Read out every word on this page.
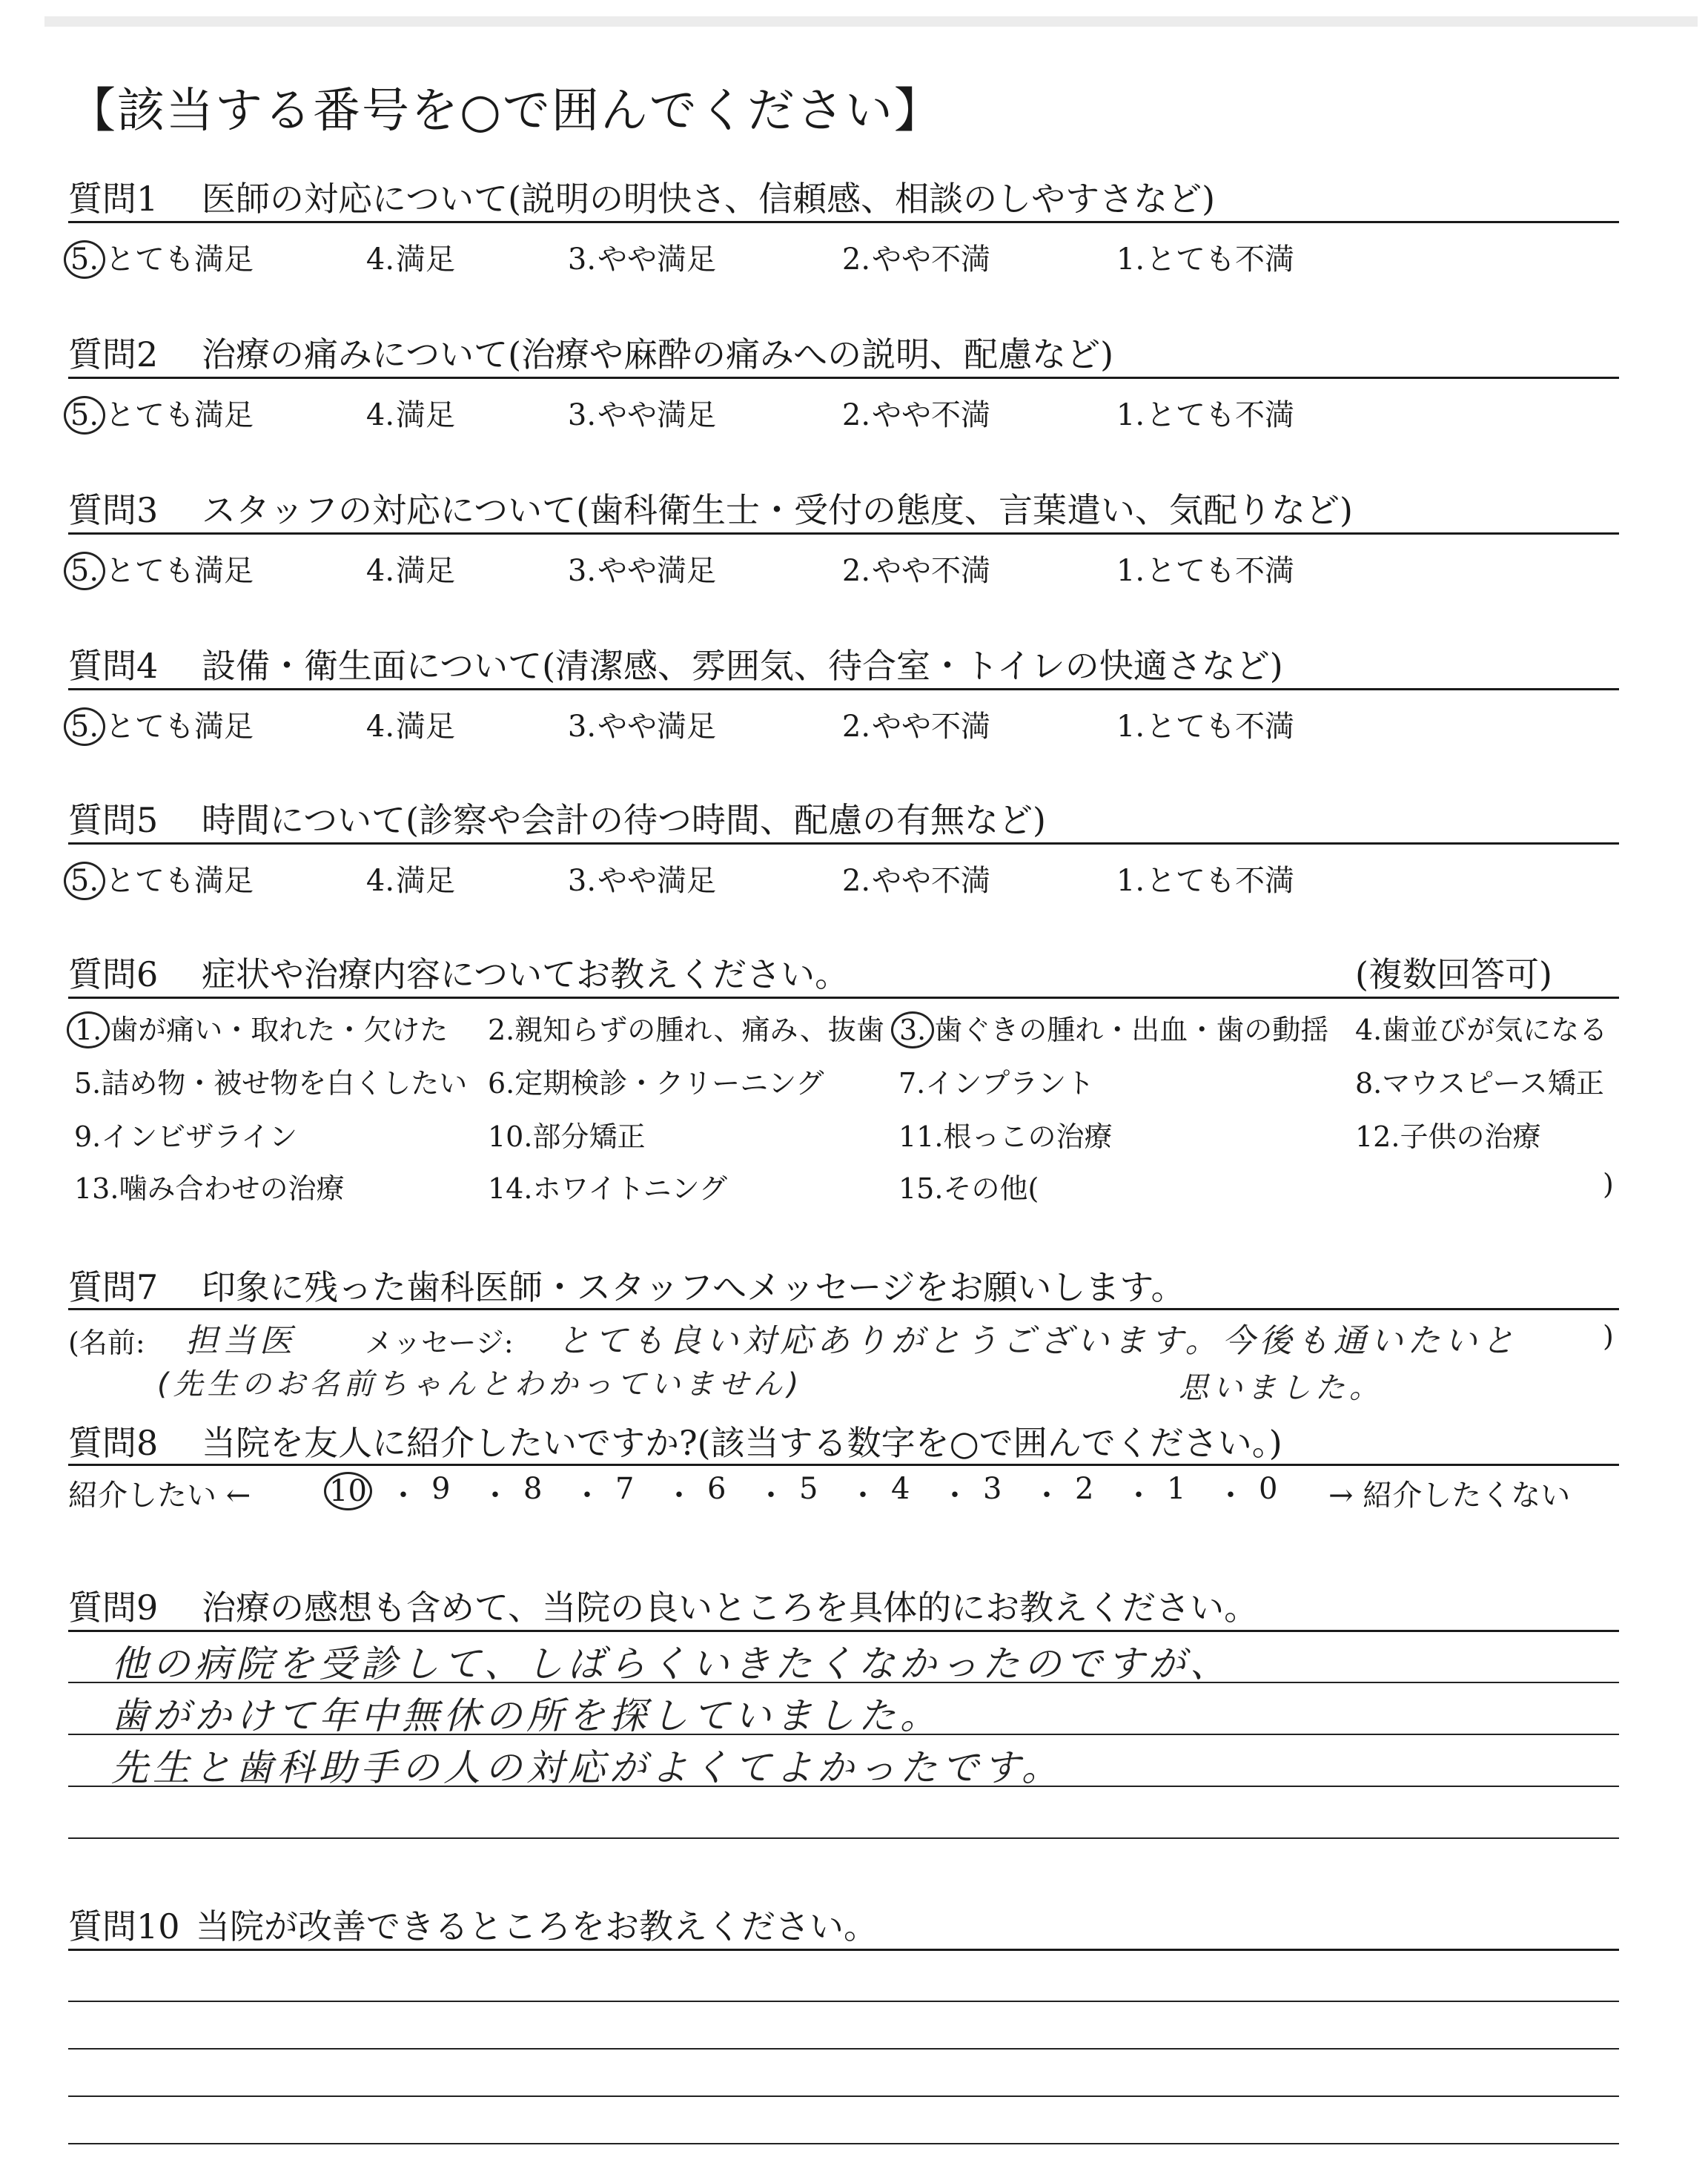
【該当する番号を○で囲んでください】
質問1 医師の対応について(説明の明快さ、信頼感、相談のしやすさなど)
5. とても満足	4.満足	3.やや満足	2.やや不満	1.とても不満
質問2 治療の痛みについて(治療や麻酔の痛みへの説明、配慮など)
5. とても満足	4.満足	3.やや満足	2.やや不満	1.とても不満
質問3 スタッフの対応について(歯科衛生士・受付の態度、言葉遣い、気配りなど)
5. とても満足	4.満足	3.やや満足	2.やや不満	1.とても不満
質問4 設備・衛生面について(清潔感、雰囲気、待合室・トイレの快適さなど)
5. とても満足	4.満足	3.やや満足	2.やや不満	1.とても不満
質問5 時間について(診察や会計の待つ時間、配慮の有無など)
5. とても満足	4.満足	3.やや満足	2.やや不満	1.とても不満
質問6 症状や治療内容についてお教えください。	(複数回答可)
1. 歯が痛い・取れた・欠けた 2.親知らずの腫れ、痛み、抜歯 3. 歯ぐきの腫れ・出血・歯の動揺 4.歯並びが気になる
5.詰め物・被せ物を白くしたい 6.定期検診・クリーニング	7.インプラント	8.マウスピース矯正
9.インビザライン	10.部分矯正	11.根っこの治療	12.子供の治療
13.噛み合わせの治療	14.ホワイトニング	15.その他(	)
質問7 印象に残った歯科医師・スタッフへメッセージをお願いします。
(名前: 担当医 メッセージ: とても良い対応ありがとうございます。今後も通いたいと	)
(先生のお名前ちゃんとわかっていません)	思いました。
質問8 当院を友人に紹介したいですか?(該当する数字を○で囲んでください。)
紹介したい ←	10 ・ 9 ・ 8 ・ 7 ・ 6 ・ 5 ・ 4 ・ 3 ・ 2 ・ 1 ・ 0 → 紹介したくない
質問9 治療の感想も含めて、当院の良いところを具体的にお教えください。
他の病院を受診して、しばらくいきたくなかったのですが、
歯がかけて年中無休の所を探していました。
先生と歯科助手の人の対応がよくてよかったです。
質問10 当院が改善できるところをお教えください。
